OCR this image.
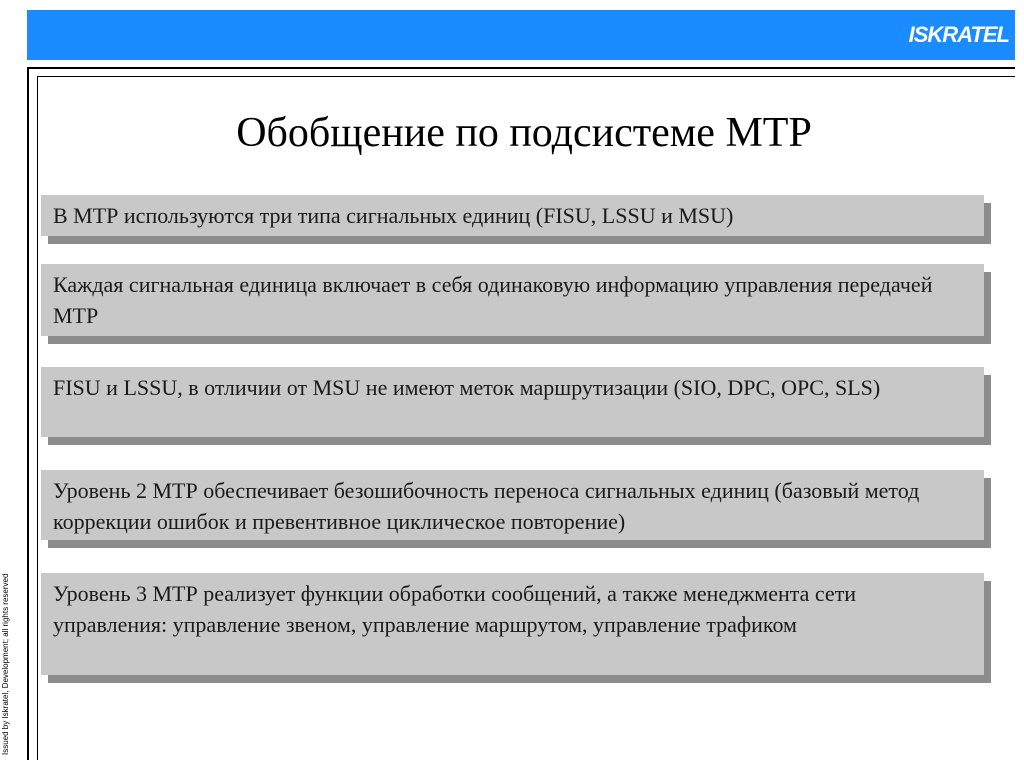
ISKRATEL
Issued by Iskratel, Development; all rights reserved
Обобщение по подсистеме МТР
В МТР используются три типа сигнальных единиц (FISU, LSSU и MSU)
Каждая сигнальная единица включает в себя одинаковую информацию управления передачей МТР
FISU и LSSU, в отличии от MSU не имеют меток маршрутизации (SIO, DPC, OPC, SLS)
Уровень 2 МТР обеспечивает безошибочность переноса сигнальных единиц (базовый метод коррекции ошибок и превентивное циклическое повторение)
Уровень 3 МТР реализует функции обработки сообщений, а также менеджмента сети управления: управление звеном, управление маршрутом, управление трафиком
